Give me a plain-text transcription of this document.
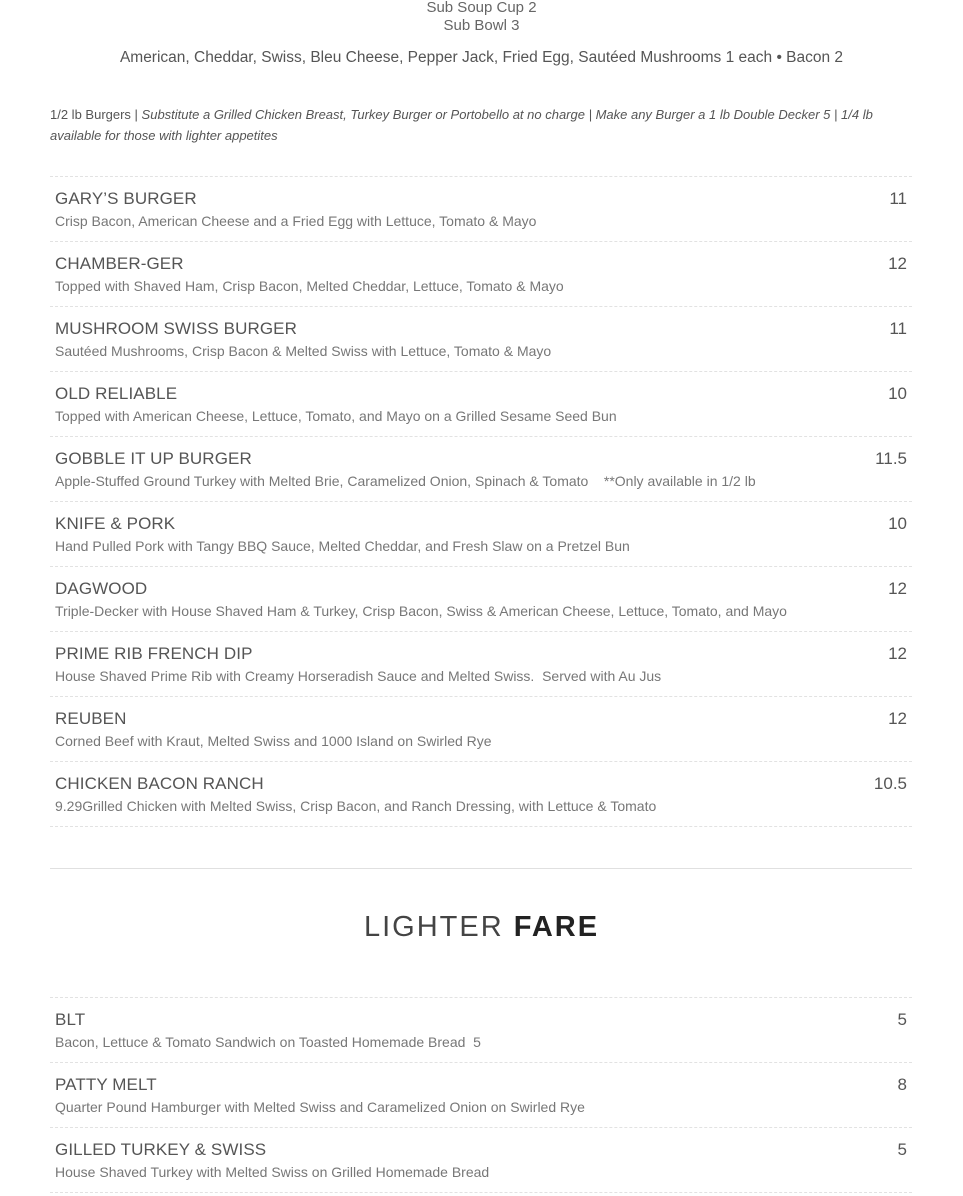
Sub Soup Cup 2
Sub Bowl 3
American, Cheddar, Swiss, Bleu Cheese, Pepper Jack, Fried Egg, Sautéed Mushrooms 1 each • Bacon 2
1/2 lb Burgers | Substitute a Grilled Chicken Breast, Turkey Burger or Portobello at no charge | Make any Burger a 1 lb Double Decker 5 | 1/4 lb available for those with lighter appetites
GARY’S BURGER	11
Crisp Bacon, American Cheese and a Fried Egg with Lettuce, Tomato & Mayo
CHAMBER-GER	12
Topped with Shaved Ham, Crisp Bacon, Melted Cheddar, Lettuce, Tomato & Mayo
MUSHROOM SWISS BURGER	11
Sautéed Mushrooms, Crisp Bacon & Melted Swiss with Lettuce, Tomato & Mayo
OLD RELIABLE	10
Topped with American Cheese, Lettuce, Tomato, and Mayo on a Grilled Sesame Seed Bun
GOBBLE IT UP BURGER	11.5
Apple-Stuffed Ground Turkey with Melted Brie, Caramelized Onion, Spinach & Tomato    **Only available in 1/2 lb
KNIFE & PORK	10
Hand Pulled Pork with Tangy BBQ Sauce, Melted Cheddar, and Fresh Slaw on a Pretzel Bun
DAGWOOD	12
Triple-Decker with House Shaved Ham & Turkey, Crisp Bacon, Swiss & American Cheese, Lettuce, Tomato, and Mayo
PRIME RIB FRENCH DIP	12
House Shaved Prime Rib with Creamy Horseradish Sauce and Melted Swiss.  Served with Au Jus
REUBEN	12
Corned Beef with Kraut, Melted Swiss and 1000 Island on Swirled Rye
CHICKEN BACON RANCH	10.5
9.29Grilled Chicken with Melted Swiss, Crisp Bacon, and Ranch Dressing, with Lettuce & Tomato
LIGHTER FARE
BLT	5
Bacon, Lettuce & Tomato Sandwich on Toasted Homemade Bread  5
PATTY MELT	8
Quarter Pound Hamburger with Melted Swiss and Caramelized Onion on Swirled Rye
GILLED TURKEY & SWISS	5
House Shaved Turkey with Melted Swiss on Grilled Homemade Bread
